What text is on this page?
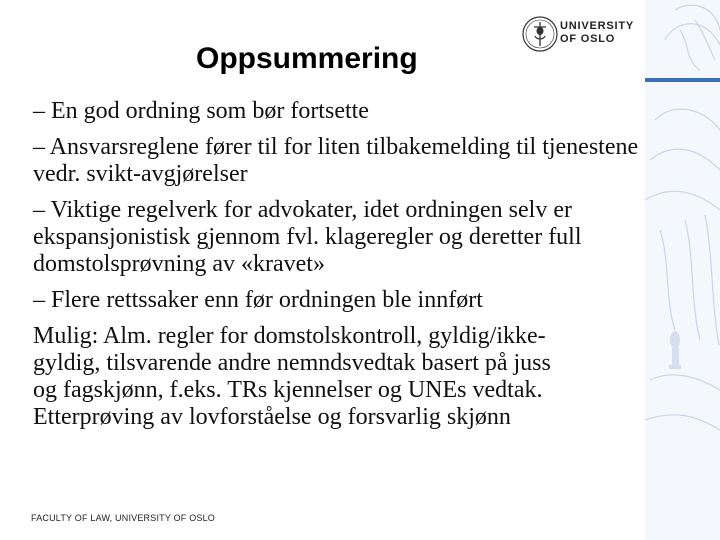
UNIVERSITY
OF OSLO
Oppsummering

– En god ordning som bør fortsette

– Ansvarsreglene fører til for liten tilbakemelding til tjenestene vedr. svikt-avgjørelser

– Viktige regelverk for advokater, idet ordningen selv er ekspansjonistisk gjennom fvl. klageregler og deretter full domstolsprøvning av «kravet»

– Flere rettssaker enn før ordningen ble innført

Mulig: Alm. regler for domstolskontroll, gyldig/ikke-
gyldig, tilsvarende andre nemndsvedtak basert på juss
og fagskjønn, f.eks. TRs kjennelser og UNEs vedtak.
Etterprøving av lovforståelse og forsvarlig skjønn

FACULTY OF LAW, UNIVERSITY OF OSLO
